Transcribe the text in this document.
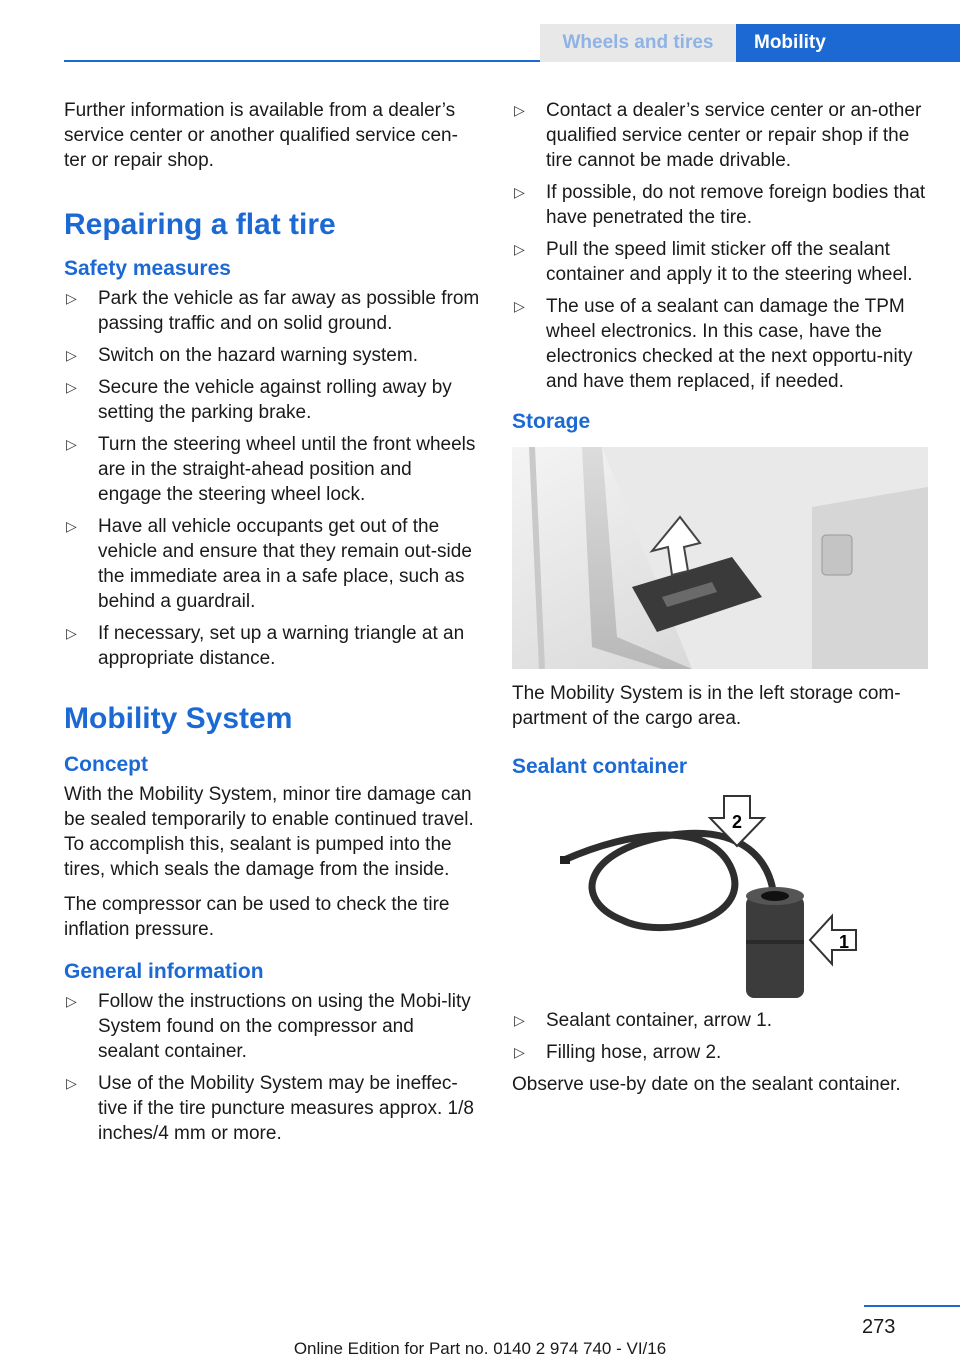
Wheels and tires	Mobility

Further information is available from a dealer’s service center or another qualified service cen-ter or repair shop.

Repairing a flat tire
Safety measures
▷ Park the vehicle as far away as possible from passing traffic and on solid ground.
▷ Switch on the hazard warning system.
▷ Secure the vehicle against rolling away by setting the parking brake.
▷ Turn the steering wheel until the front wheels are in the straight-ahead position and engage the steering wheel lock.
▷ Have all vehicle occupants get out of the vehicle and ensure that they remain out-side the immediate area in a safe place, such as behind a guardrail.
▷ If necessary, set up a warning triangle at an appropriate distance.
Mobility System
Concept

With the Mobility System, minor tire damage can be sealed temporarily to enable continued travel. To accomplish this, sealant is pumped into the tires, which seals the damage from the inside.

The compressor can be used to check the tire inflation pressure.

General information
▷ Follow the instructions on using the Mobi-lity System found on the compressor and sealant container.
▷ Use of the Mobility System may be ineffec-tive if the tire puncture measures approx. 1/8 inches/4 mm or more.
▷ Contact a dealer’s service center or an-other qualified service center or repair shop if the tire cannot be made drivable.
▷ If possible, do not remove foreign bodies that have penetrated the tire.
▷ Pull the speed limit sticker off the sealant container and apply it to the steering wheel.
▷ The use of a sealant can damage the TPM wheel electronics. In this case, have the electronics checked at the next opportu-nity and have them replaced, if needed.
Storage

The Mobility System is in the left storage com-partment of the cargo area.

Sealant container
2
1
▷ Sealant container, arrow 1.
▷ Filling hose, arrow 2.

Observe use-by date on the sealant container.

273
Online Edition for Part no. 0140 2 974 740 - VI/16
